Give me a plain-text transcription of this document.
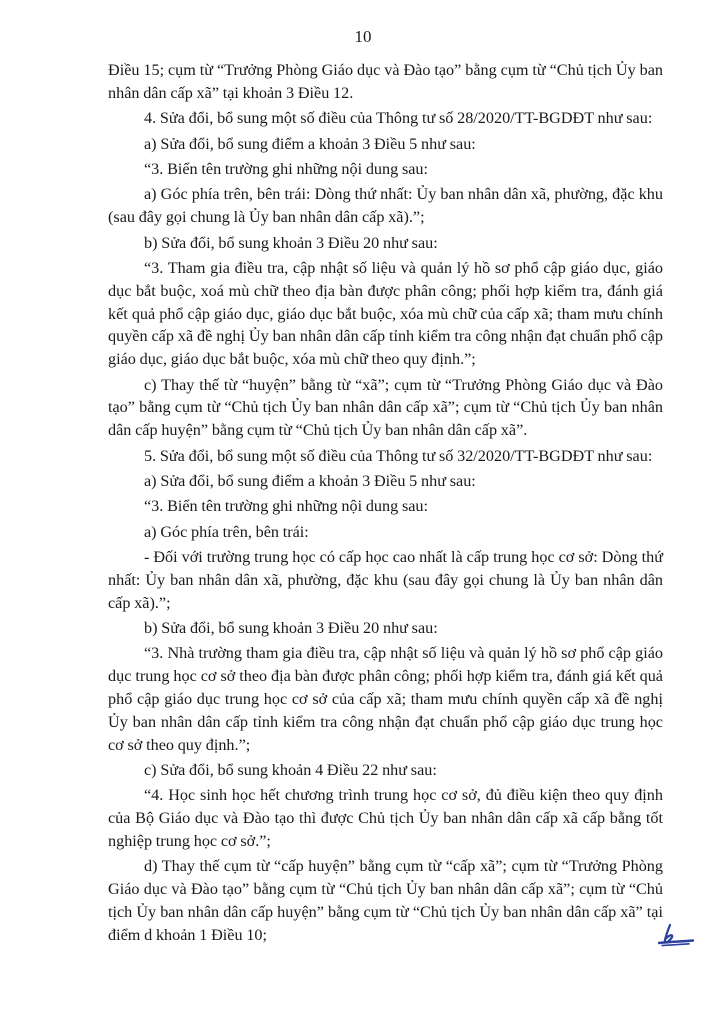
10

Điều 15; cụm từ “Trưởng Phòng Giáo dục và Đào tạo” bằng cụm từ “Chủ tịch Ủy ban nhân dân cấp xã” tại khoản 3 Điều 12.

4. Sửa đổi, bổ sung một số điều của Thông tư số 28/2020/TT-BGDĐT như sau:

a) Sửa đổi, bổ sung điểm a khoản 3 Điều 5 như sau:

“3. Biển tên trường ghi những nội dung sau:

a) Góc phía trên, bên trái: Dòng thứ nhất: Ủy ban nhân dân xã, phường, đặc khu (sau đây gọi chung là Ủy ban nhân dân cấp xã).”;

b) Sửa đổi, bổ sung khoản 3 Điều 20 như sau:

“3. Tham gia điều tra, cập nhật số liệu và quản lý hồ sơ phổ cập giáo dục, giáo dục bắt buộc, xoá mù chữ theo địa bàn được phân công; phối hợp kiểm tra, đánh giá kết quả phổ cập giáo dục, giáo dục bắt buộc, xóa mù chữ của cấp xã; tham mưu chính quyền cấp xã đề nghị Ủy ban nhân dân cấp tỉnh kiểm tra công nhận đạt chuẩn phổ cập giáo dục, giáo dục bắt buộc, xóa mù chữ theo quy định.”;

c) Thay thế từ “huyện” bằng từ “xã”; cụm từ “Trưởng Phòng Giáo dục và Đào tạo” bằng cụm từ “Chủ tịch Ủy ban nhân dân cấp xã”; cụm từ “Chủ tịch Ủy ban nhân dân cấp huyện” bằng cụm từ “Chủ tịch Ủy ban nhân dân cấp xã”.

5. Sửa đổi, bổ sung một số điều của Thông tư số 32/2020/TT-BGDĐT như sau:

a) Sửa đổi, bổ sung điểm a khoản 3 Điều 5 như sau:

“3. Biển tên trường ghi những nội dung sau:

a) Góc phía trên, bên trái:

- Đối với trường trung học có cấp học cao nhất là cấp trung học cơ sở: Dòng thứ nhất: Ủy ban nhân dân xã, phường, đặc khu (sau đây gọi chung là Ủy ban nhân dân cấp xã).”;

b) Sửa đổi, bổ sung khoản 3 Điều 20 như sau:

“3. Nhà trường tham gia điều tra, cập nhật số liệu và quản lý hồ sơ phổ cập giáo dục trung học cơ sở theo địa bàn được phân công; phối hợp kiểm tra, đánh giá kết quả phổ cập giáo dục trung học cơ sở của cấp xã; tham mưu chính quyền cấp xã đề nghị Ủy ban nhân dân cấp tỉnh kiểm tra công nhận đạt chuẩn phổ cập giáo dục trung học cơ sở theo quy định.”;

c) Sửa đổi, bổ sung khoản 4 Điều 22 như sau:

“4. Học sinh học hết chương trình trung học cơ sở, đủ điều kiện theo quy định của Bộ Giáo dục và Đào tạo thì được Chủ tịch Ủy ban nhân dân cấp xã cấp bằng tốt nghiệp trung học cơ sở.”;

d) Thay thế cụm từ “cấp huyện” bằng cụm từ “cấp xã”; cụm từ “Trưởng Phòng Giáo dục và Đào tạo” bằng cụm từ “Chủ tịch Ủy ban nhân dân cấp xã”; cụm từ “Chủ tịch Ủy ban nhân dân cấp huyện” bằng cụm từ “Chủ tịch Ủy ban nhân dân cấp xã” tại điểm d khoản 1 Điều 10;
